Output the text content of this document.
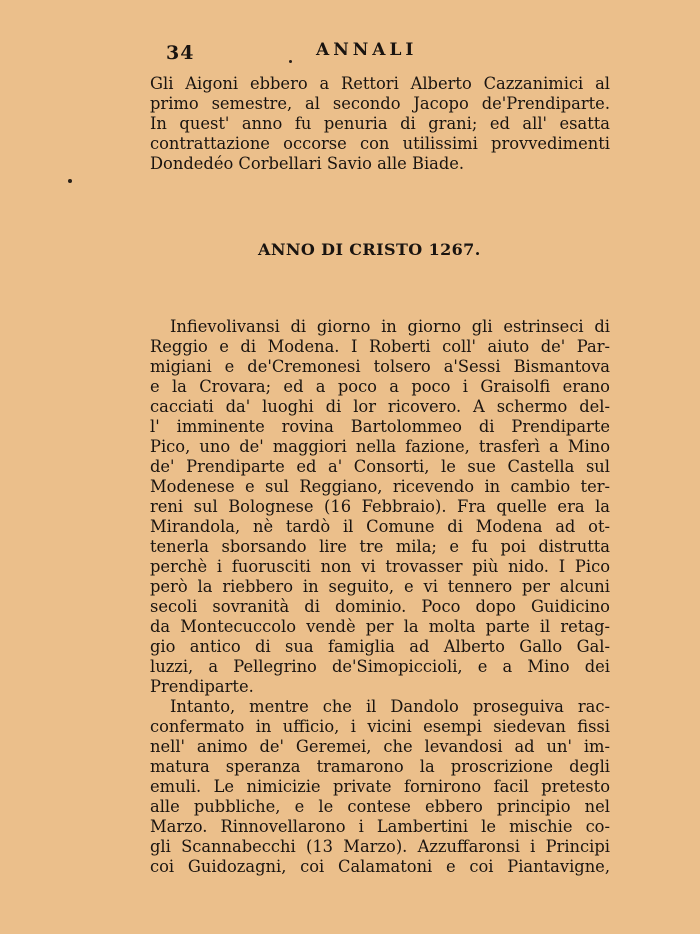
34	ANNALI
Gli Aigoni ebbero a Rettori Alberto Cazzanimici al
primo semestre, al secondo Jacopo de'Prendiparte.
In quest' anno fu penuria di grani; ed all' esatta
contrattazione occorse con utilissimi provvedimenti
Dondedéo Corbellari Savio alle Biade.
ANNO DI CRISTO 1267.
Infievolivansi di giorno in giorno gli estrinseci di
Reggio e di Modena. I Roberti coll' aiuto de' Par-
migiani e de'Cremonesi tolsero a'Sessi Bismantova
e la Crovara; ed a poco a poco i Graisolfi erano
cacciati da' luoghi di lor ricovero. A schermo del-
l' imminente rovina Bartolommeo di Prendiparte
Pico, uno de' maggiori nella fazione, trasferì a Mino
de' Prendiparte ed a' Consorti, le sue Castella sul
Modenese e sul Reggiano, ricevendo in cambio ter-
reni sul Bolognese (16 Febbraio). Fra quelle era la
Mirandola, nè tardò il Comune di Modena ad ot-
tenerla sborsando lire tre mila; e fu poi distrutta
perchè i fuorusciti non vi trovasser più nido. I Pico
però la riebbero in seguito, e vi tennero per alcuni
secoli sovranità di dominio. Poco dopo Guidicino
da Montecuccolo vendè per la molta parte il retag-
gio antico di sua famiglia ad Alberto Gallo Gal-
luzzi, a Pellegrino de'Simopiccioli, e a Mino dei
Prendiparte.
Intanto, mentre che il Dandolo proseguiva rac-
confermato in ufficio, i vicini esempi siedevan fissi
nell' animo de' Geremei, che levandosi ad un' im-
matura speranza tramarono la proscrizione degli
emuli. Le nimicizie private fornirono facil pretesto
alle pubbliche, e le contese ebbero principio nel
Marzo. Rinnovellarono i Lambertini le mischie co-
gli Scannabecchi (13 Marzo). Azzuffaronsi i Principi
coi Guidozagni, coi Calamatoni e coi Piantavigne,
